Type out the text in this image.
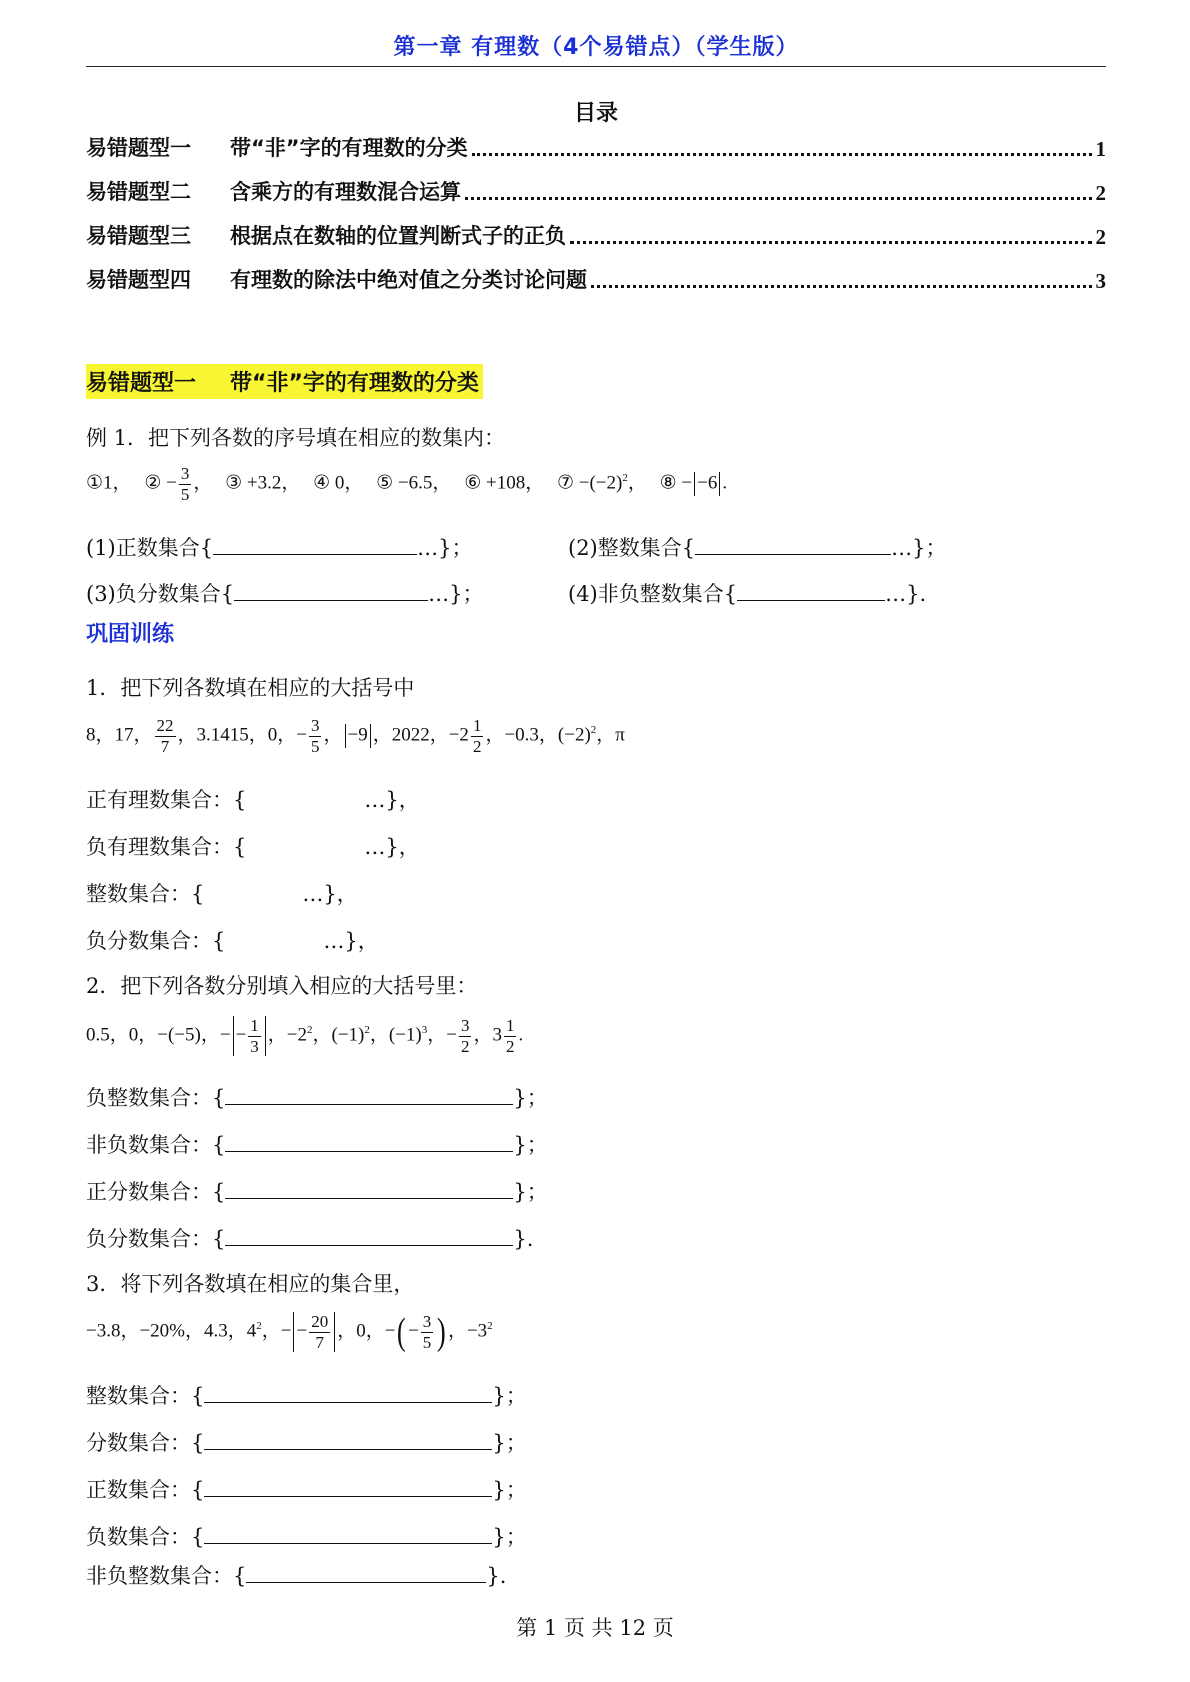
第一章 有理数（4个易错点）（学生版）
目录
易错题型一 带“非”字的有理数的分类	1
易错题型二 含乘方的有理数混合运算	2
易错题型三 根据点在数轴的位置判断式子的正负	2
易错题型四 有理数的除法中绝对值之分类讨论问题	3
易错题型一 带“非”字的有理数的分类
例 1．把下列各数的序号填在相应的数集内：
①1， ② − $\frac{3}{5}$ ， ③ +3.2， ④ 0， ⑤ −6.5， ⑥ +108， ⑦ $-(-2)^2$， ⑧ − −6 .
(1)正数集合{	…}；	(2)整数集合{	…}；
(3)负分数集合{	…}；	(4)非负整数集合{	…}.
巩固训练
1．把下列各数填在相应的大括号中
8，17， $\frac{22}{7}$ ，3.1415，0，− $\frac{3}{5}$ ， −9 ，2022，$-2 \frac{1}{2}$ ，−0.3，$(-2)^2$，π
正有理数集合：{	…}，
负有理数集合：{	…}，
整数集合：{	…}，
负分数集合：{	…}，
2．把下列各数分别填入相应的大括号里：
0.5，0，−(−5)，− − $\frac{1}{3}$ ，$-2^2$，$(-1)^2$，$(-1)^3$，− $\frac{3}{2}$ ，$3 \frac{1}{2}$ .
负整数集合：{	}；
非负数集合：{	}；
正分数集合：{	}；
负分数集合：{	}.
3．将下列各数填在相应的集合里，
−3.8，−20%，4.3，$4^2$，− − $\frac{20}{7}$ ，0，−(− $\frac{3}{5}$ )，$-3^2$
整数集合：{	}；
分数集合：{	}；
正数集合：{	}；
负数集合：{	}；
非负整数集合：{	}.
第 1 页 共 12 页
